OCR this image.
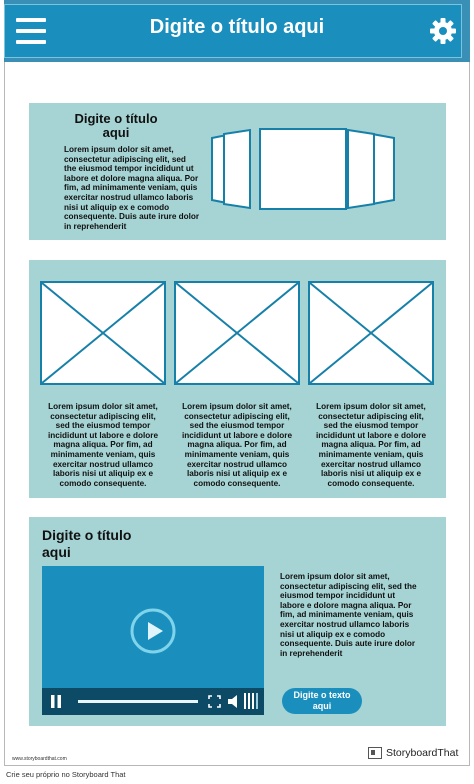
Digite o título aqui
Digite o título aqui
Lorem ipsum dolor sit amet, consectetur adipiscing elit, sed the eiusmod tempor incididunt ut labore et dolore magna aliqua. Por fim, ad minimamente veniam, quis exercitar nostrud ullamco laboris nisi ut aliquip ex e comodo consequente. Duis aute irure dolor in reprehenderit
Lorem ipsum dolor sit amet, consectetur adipiscing elit, sed the eiusmod tempor incididunt ut labore e dolore magna aliqua. Por fim, ad minimamente veniam, quis exercitar nostrud ullamco laboris nisi ut aliquip ex e comodo consequente.
Lorem ipsum dolor sit amet, consectetur adipiscing elit, sed the eiusmod tempor incididunt ut labore e dolore magna aliqua. Por fim, ad minimamente veniam, quis exercitar nostrud ullamco laboris nisi ut aliquip ex e comodo consequente.
Lorem ipsum dolor sit amet, consectetur adipiscing elit, sed the eiusmod tempor incididunt ut labore e dolore magna aliqua. Por fim, ad minimamente veniam, quis exercitar nostrud ullamco laboris nisi ut aliquip ex e comodo consequente.
Digite o título aqui
Lorem ipsum dolor sit amet, consectetur adipiscing elit, sed the eiusmod tempor incididunt ut labore e dolore magna aliqua. Por fim, ad minimamente veniam, quis exercitar nostrud ullamco laboris nisi ut aliquip ex e comodo consequente. Duis aute irure dolor in reprehenderit
Digite o texto aqui
www.storyboardthat.com	StoryboardThat
Crie seu próprio no Storyboard That
